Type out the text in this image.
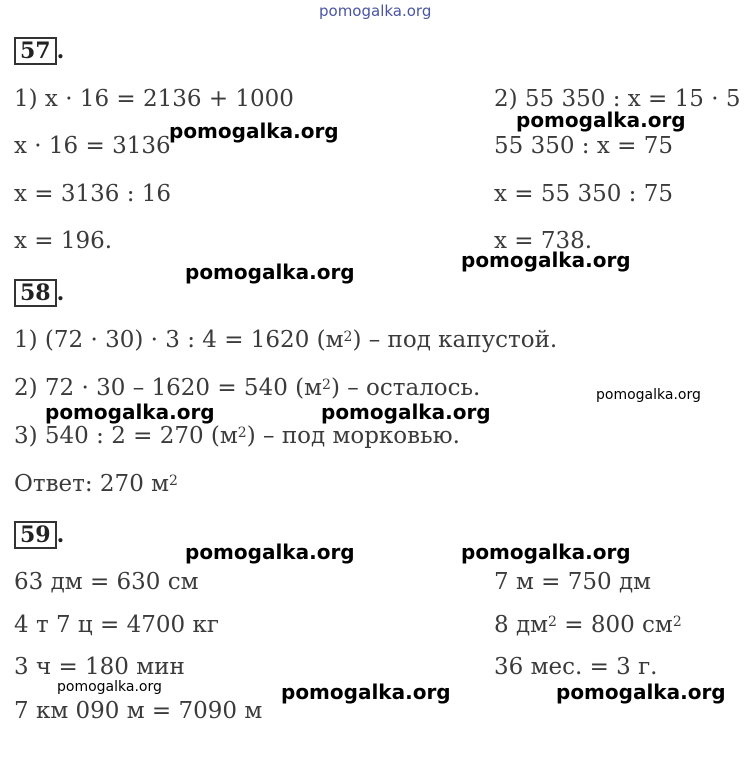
pomogalka.org
57 .
1) x · 16 = 2136 + 1000
x · 16 = 3136
x = 3136 : 16
x = 196.
2) 55 350 : x = 15 · 5
55 350 : x = 75
x = 55 350 : 75
x = 738.
58 .
1) (72 · 30) · 3 : 4 = 1620 $(м^2)$ – под капустой.
2) 72 · 30 – 1620 = 540 $(м^2)$ – осталось.
3) 540 : 2 = 270 $(м^2)$ – под морковью.
Ответ: 270 $м^2$
59 .
63 дм = 630 см
4 т 7 ц = 4700 кг
3 ч = 180 мин
7 км 090 м = 7090 м
7 м = 750 дм
8 $дм^2 = 800$ $см^2$
36 мес. = 3 г.
pomogalka.org	pomogalka.org
pomogalka.org	pomogalka.org
pomogalka.org	pomogalka.org
pomogalka.org
pomogalka.org	pomogalka.org
pomogalka.org	pomogalka.org	pomogalka.org
